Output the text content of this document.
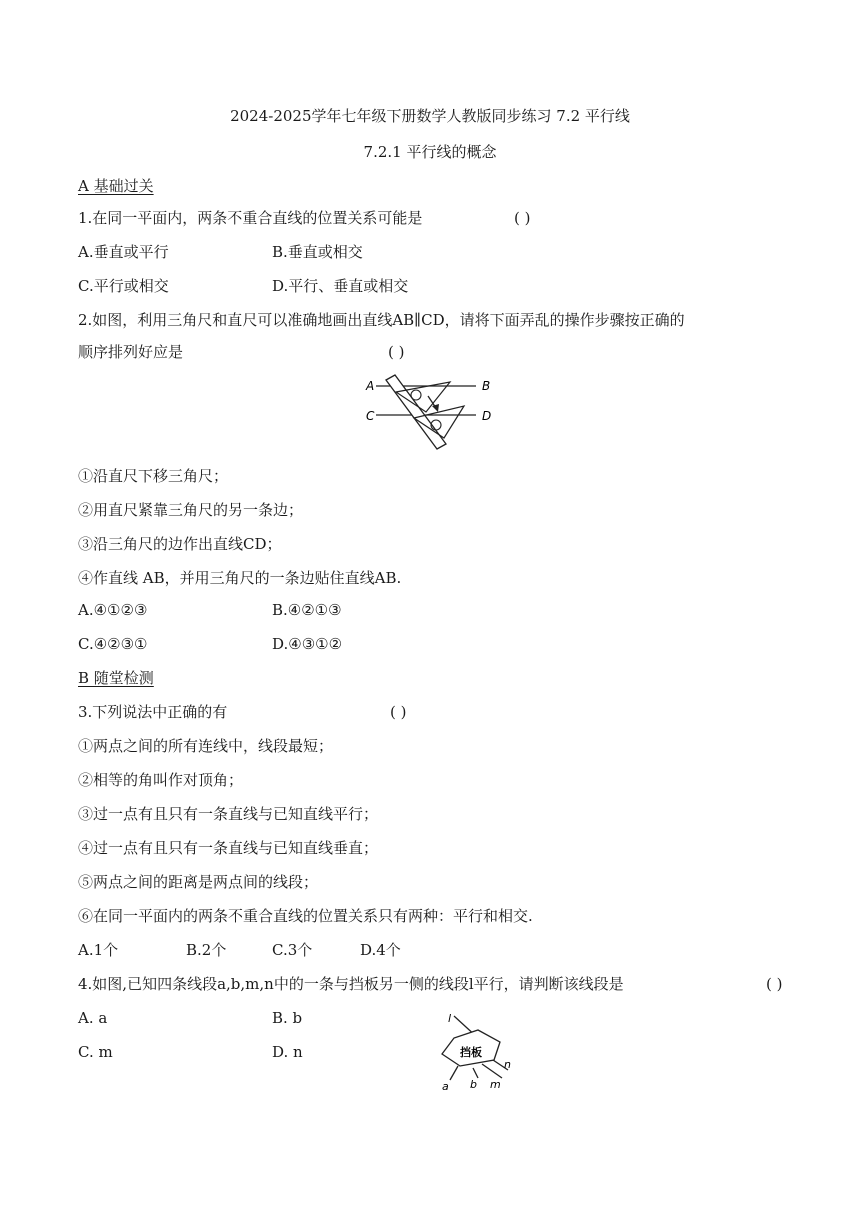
2024-2025学年七年级下册数学人教版同步练习 7.2 平行线
7.2.1 平行线的概念
A 基础过关
1.在同一平面内，两条不重合直线的位置关系可能是	( )
A.垂直或平行	B.垂直或相交
C.平行或相交	D.平行、垂直或相交
2.如图，利用三角尺和直尺可以准确地画出直线AB∥CD，请将下面弄乱的操作步骤按正确的
顺序排列好应是	( )
A	B
C	D
①沿直尺下移三角尺；
②用直尺紧靠三角尺的另一条边；
③沿三角尺的边作出直线CD；
④作直线 AB，并用三角尺的一条边贴住直线AB.
A.④①②③	B.④②①③
C.④②③①	D.④③①②
B 随堂检测
3.下列说法中正确的有	( )
①两点之间的所有连线中，线段最短；
②相等的角叫作对顶角；
③过一点有且只有一条直线与已知直线平行；
④过一点有且只有一条直线与已知直线垂直；
⑤两点之间的距离是两点间的线段；
⑥在同一平面内的两条不重合直线的位置关系只有两种：平行和相交.
A.1个	B.2个	C.3个	D.4个
4.如图,已知四条线段a,b,m,n中的一条与挡板另一侧的线段l平行，请判断该线段是	( )
A. a	B. b
C. m	D. n	挡板
l
a b m
n
